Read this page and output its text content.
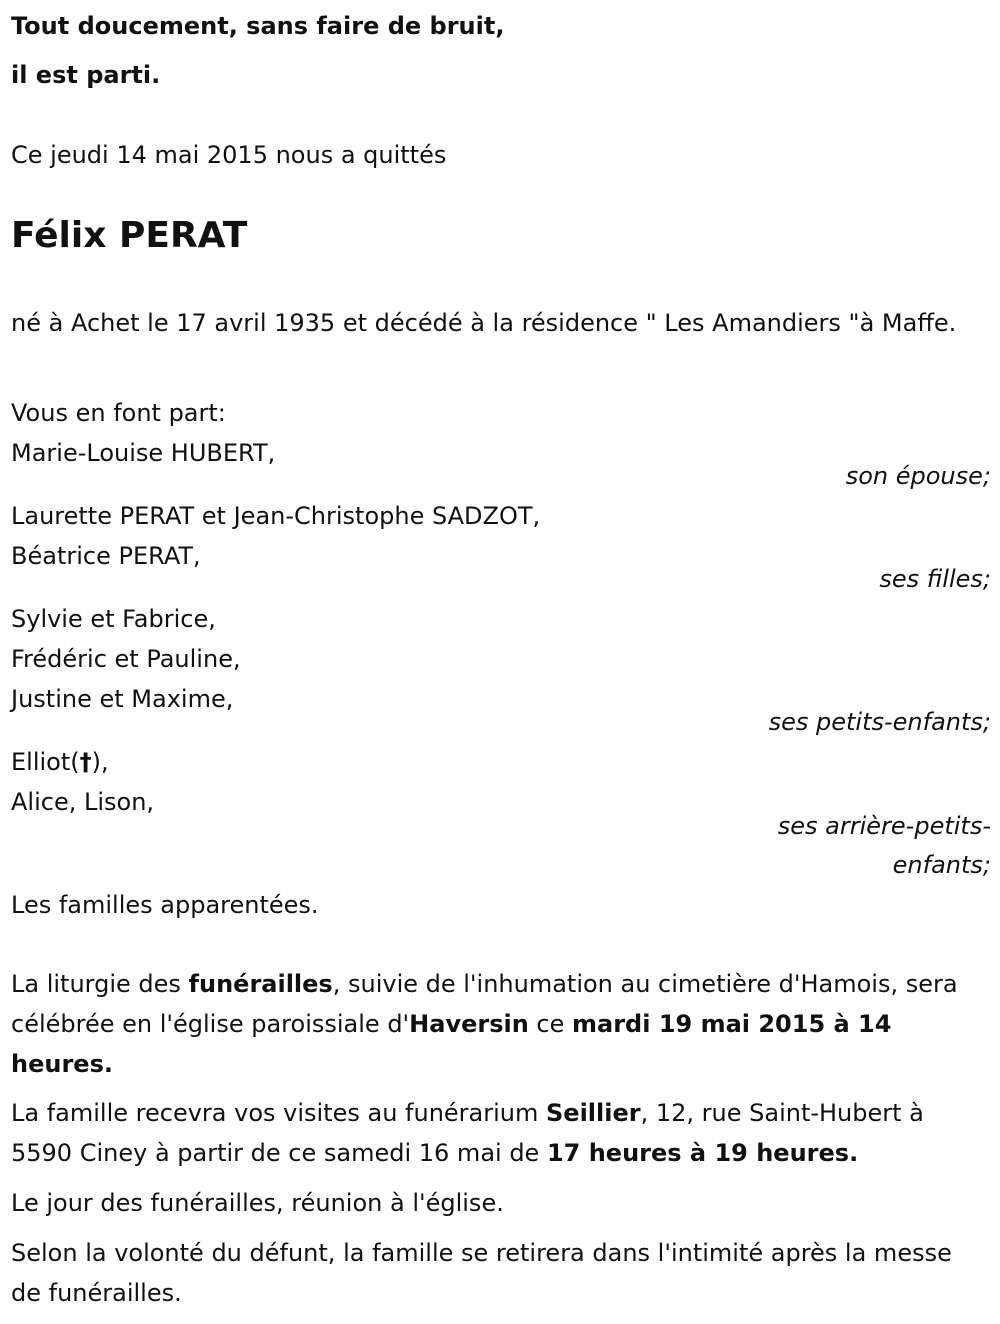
Tout doucement, sans faire de bruit,

il est parti.

Ce jeudi 14 mai 2015 nous a quittés

Félix PERAT

né à Achet le 17 avril 1935 et décédé à la résidence " Les Amandiers "à Maffe.

Vous en font part:

Marie-Louise HUBERT,

son épouse;

Laurette PERAT et Jean-Christophe SADZOT,

Béatrice PERAT,

ses filles;

Sylvie et Fabrice,

Frédéric et Pauline,

Justine et Maxime,

ses petits-enfants;

Elliot(†),

Alice, Lison,

ses arrière-petits-

enfants;

Les familles apparentées.

La liturgie des funérailles, suivie de l'inhumation au cimetière d'Hamois, sera célébrée en l'église paroissiale d'Haversin ce mardi 19 mai 2015 à 14 heures.

La famille recevra vos visites au funérarium Seillier, 12, rue Saint-Hubert à 5590 Ciney à partir de ce samedi 16 mai de 17 heures à 19 heures.

Le jour des funérailles, réunion à l'église.

Selon la volonté du défunt, la famille se retirera dans l'intimité après la messe de funérailles.
